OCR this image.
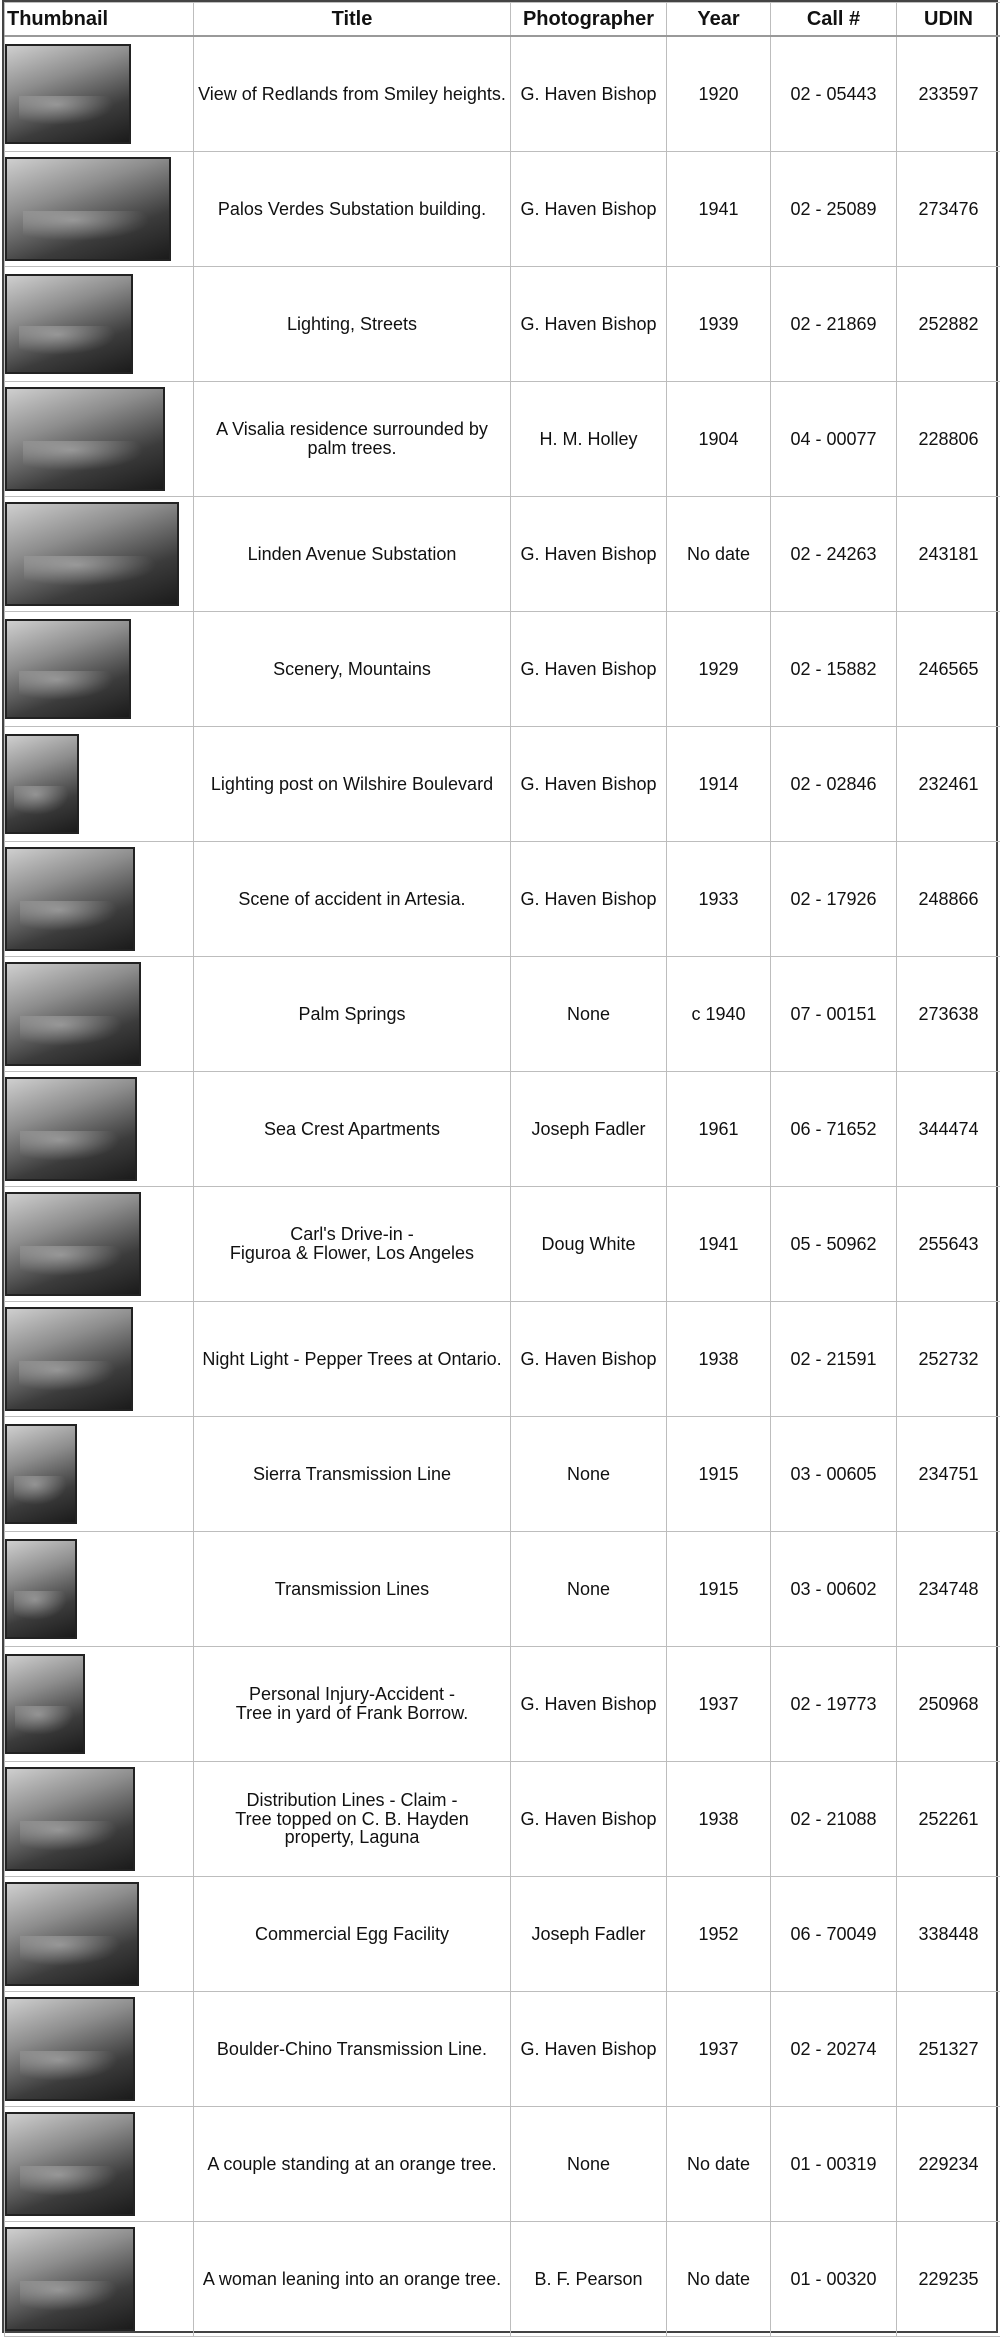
Thumbnail	Title	Photographer	Year	Call #	UDIN

	View of Redlands from Smiley heights.	G. Haven Bishop	1920	02 - 05443	233597

	Palos Verdes Substation building.	G. Haven Bishop	1941	02 - 25089	273476

	Lighting, Streets	G. Haven Bishop	1939	02 - 21869	252882

	A Visalia residence surrounded by palm trees.	H. M. Holley	1904	04 - 00077	228806

	Linden Avenue Substation	G. Haven Bishop	No date	02 - 24263	243181

	Scenery, Mountains	G. Haven Bishop	1929	02 - 15882	246565

	Lighting post on Wilshire Boulevard	G. Haven Bishop	1914	02 - 02846	232461

	Scene of accident in Artesia.	G. Haven Bishop	1933	02 - 17926	248866

	Palm Springs	None	c 1940	07 - 00151	273638

	Sea Crest Apartments	Joseph Fadler	1961	06 - 71652	344474

	Carl's Drive-in -
Figuroa & Flower, Los Angeles	Doug White	1941	05 - 50962	255643

	Night Light - Pepper Trees at Ontario.	G. Haven Bishop	1938	02 - 21591	252732

	Sierra Transmission Line	None	1915	03 - 00605	234751

	Transmission Lines	None	1915	03 - 00602	234748

	Personal Injury-Accident -
Tree in yard of Frank Borrow.	G. Haven Bishop	1937	02 - 19773	250968

	Distribution Lines - Claim -
Tree topped on C. B. Hayden property, Laguna	G. Haven Bishop	1938	02 - 21088	252261

	Commercial Egg Facility	Joseph Fadler	1952	06 - 70049	338448

	Boulder-Chino Transmission Line.	G. Haven Bishop	1937	02 - 20274	251327

	A couple standing at an orange tree.	None	No date	01 - 00319	229234

	A woman leaning into an orange tree.	B. F. Pearson	No date	01 - 00320	229235
